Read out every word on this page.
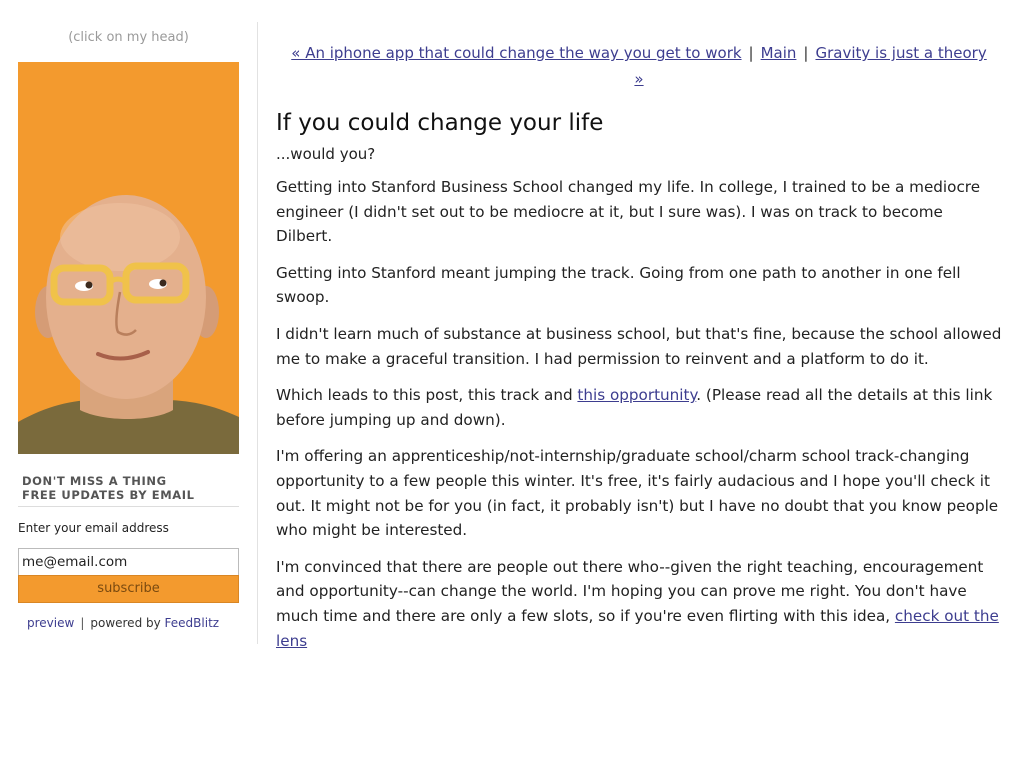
(click on my head)
DON'T MISS A THING
FREE UPDATES BY EMAIL
Enter your email address
me@email.com
subscribe
preview | powered by FeedBlitz
« An iphone app that could change the way you get to work | Main | Gravity is just a theory
»
If you could change your life
...would you?

Getting into Stanford Business School changed my life. In college, I trained to be a mediocre engineer (I didn't set out to be mediocre at it, but I sure was). I was on track to become Dilbert.

Getting into Stanford meant jumping the track. Going from one path to another in one fell swoop.

I didn't learn much of substance at business school, but that's fine, because the school allowed me to make a graceful transition. I had permission to reinvent and a platform to do it.

Which leads to this post, this track and this opportunity. (Please read all the details at this link before jumping up and down).

I'm offering an apprenticeship/not-internship/graduate school/charm school track-changing opportunity to a few people this winter. It's free, it's fairly audacious and I hope you'll check it out. It might not be for you (in fact, it probably isn't) but I have no doubt that you know people who might be interested.

I'm convinced that there are people out there who--given the right teaching, encouragement and opportunity--can change the world. I'm hoping you can prove me right. You don't have much time and there are only a few slots, so if you're even flirting with this idea, check out the lens
